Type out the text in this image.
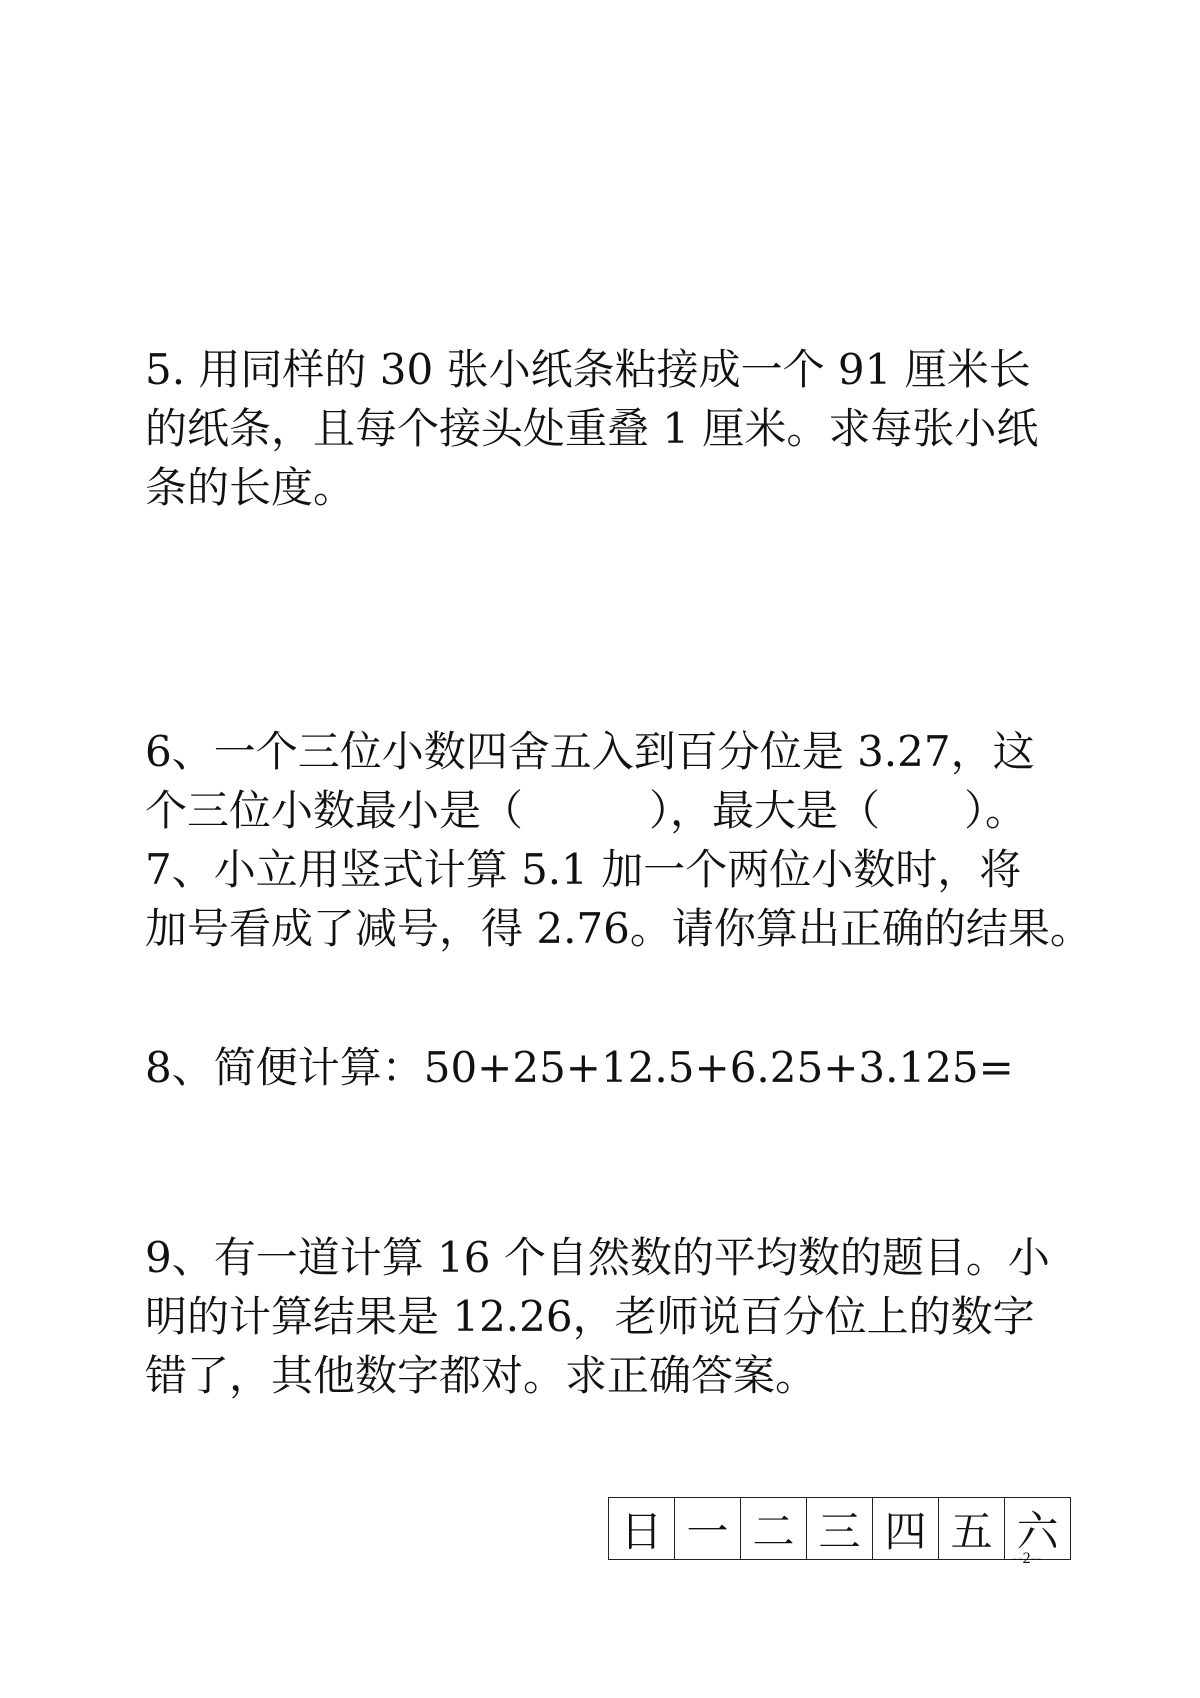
5. 用同样的 30 张小纸条粘接成一个 91 厘米长
的纸条，且每个接头处重叠 1 厘米。求每张小纸
条的长度。
6、一个三位小数四舍五入到百分位是 3.27，这
个三位小数最小是（　　　），最大是（　　）。
7、小立用竖式计算 5.1 加一个两位小数时，将
加号看成了减号，得 2.76。请你算出正确的结果。
8、简便计算：50+25+12.5+6.25+3.125=
9、有一道计算 16 个自然数的平均数的题目。小
明的计算结果是 12.26，老师说百分位上的数字
错了，其他数字都对。求正确答案。
日	一	二	三	四	五	六
--2--
